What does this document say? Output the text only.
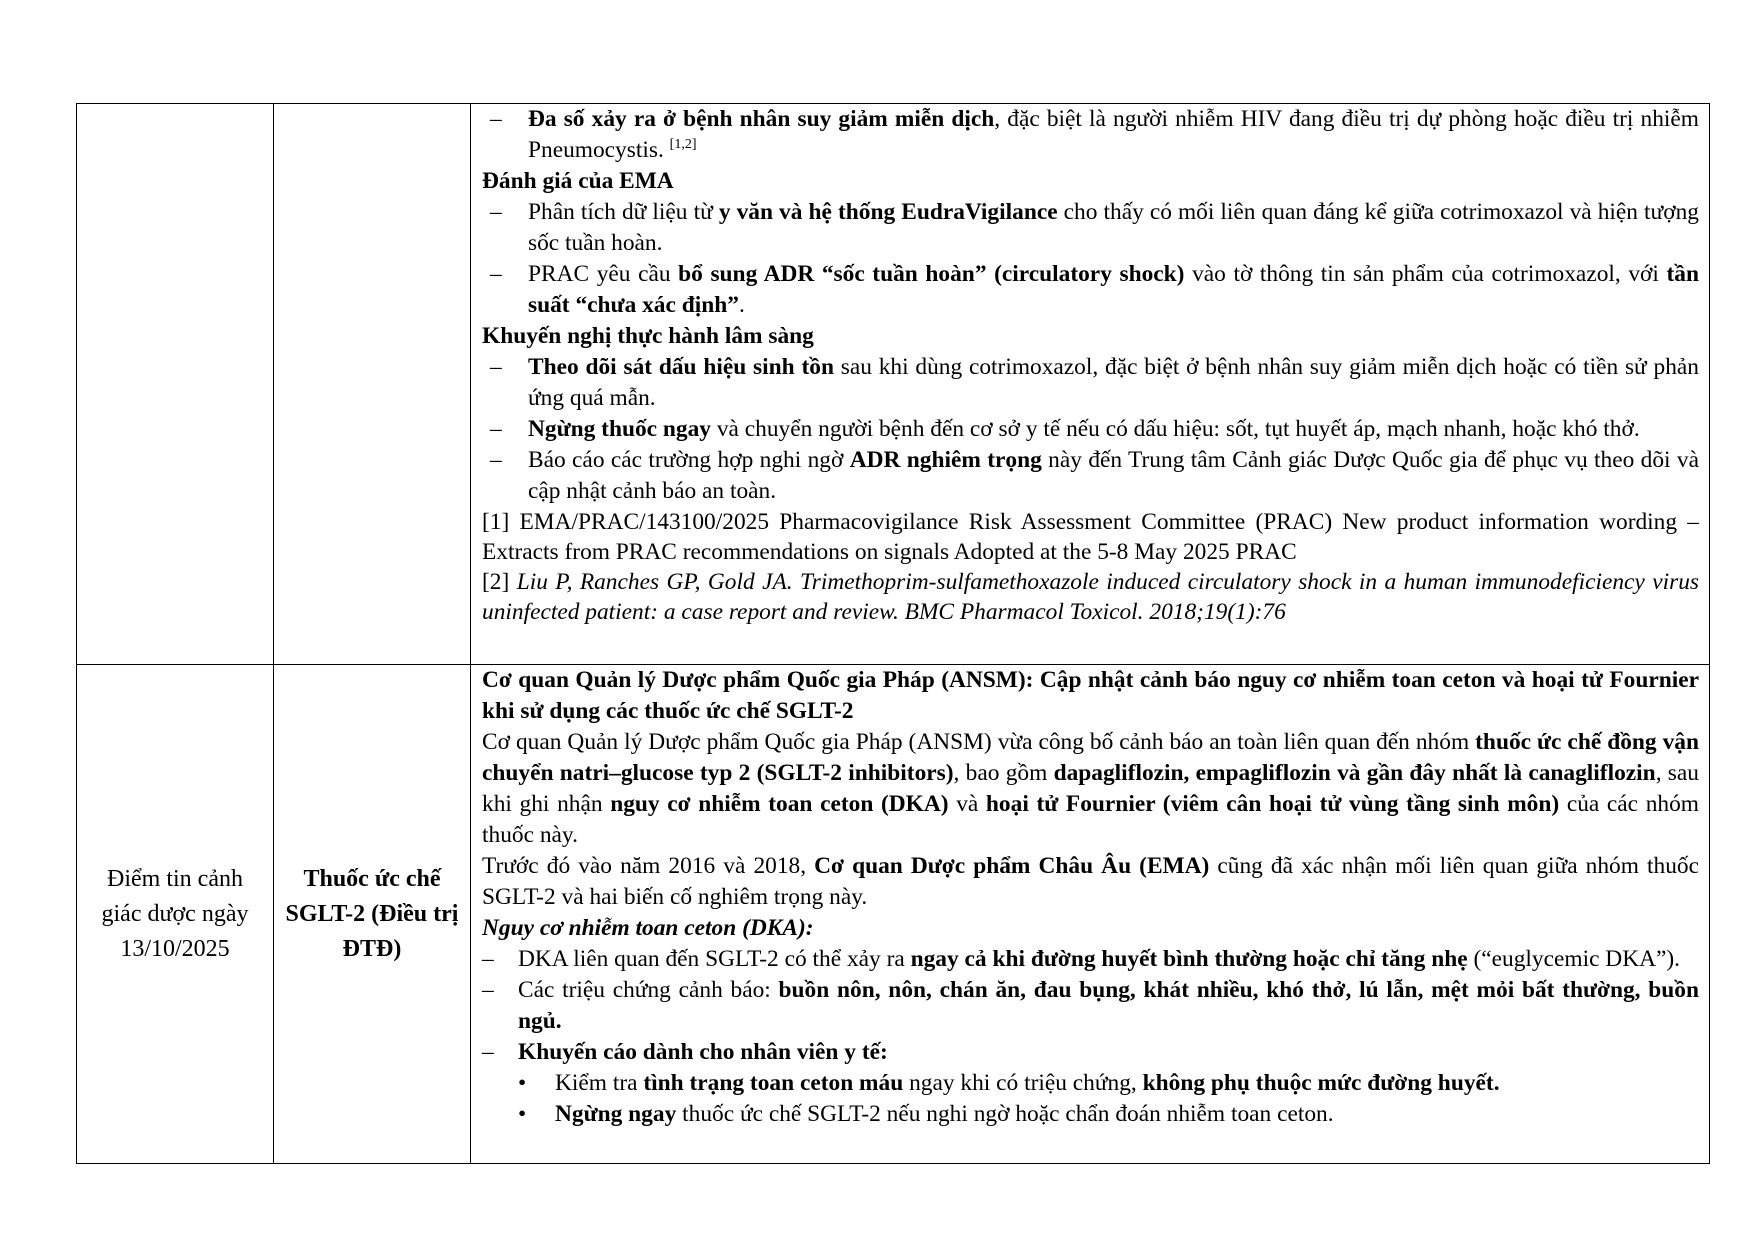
– Đa số xảy ra ở bệnh nhân suy giảm miễn dịch, đặc biệt là người nhiễm HIV đang điều trị dự phòng hoặc điều trị nhiễm Pneumocystis. [1,2]

Đánh giá của EMA

– Phân tích dữ liệu từ y văn và hệ thống EudraVigilance cho thấy có mối liên quan đáng kể giữa cotrimoxazol và hiện tượng sốc tuần hoàn.

– PRAC yêu cầu bổ sung ADR “sốc tuần hoàn” (circulatory shock) vào tờ thông tin sản phẩm của cotrimoxazol, với tần suất “chưa xác định”.

Khuyến nghị thực hành lâm sàng

– Theo dõi sát dấu hiệu sinh tồn sau khi dùng cotrimoxazol, đặc biệt ở bệnh nhân suy giảm miễn dịch hoặc có tiền sử phản ứng quá mẫn.

– Ngừng thuốc ngay và chuyển người bệnh đến cơ sở y tế nếu có dấu hiệu: sốt, tụt huyết áp, mạch nhanh, hoặc khó thở.

– Báo cáo các trường hợp nghi ngờ ADR nghiêm trọng này đến Trung tâm Cảnh giác Dược Quốc gia để phục vụ theo dõi và cập nhật cảnh báo an toàn.

[1] EMA/PRAC/143100/2025 Pharmacovigilance Risk Assessment Committee (PRAC) New product information wording – Extracts from PRAC recommendations on signals Adopted at the 5-8 May 2025 PRAC

[2] Liu P, Ranches GP, Gold JA. Trimethoprim-sulfamethoxazole induced circulatory shock in a human immunodeficiency virus uninfected patient: a case report and review. BMC Pharmacol Toxicol. 2018;19(1):76

Điểm tin cảnh giác dược ngày 13/10/2025
Thuốc ức chế SGLT-2 (Điều trị ĐTĐ)

Cơ quan Quản lý Dược phẩm Quốc gia Pháp (ANSM): Cập nhật cảnh báo nguy cơ nhiễm toan ceton và hoại tử Fournier khi sử dụng các thuốc ức chế SGLT-2

Cơ quan Quản lý Dược phẩm Quốc gia Pháp (ANSM) vừa công bố cảnh báo an toàn liên quan đến nhóm thuốc ức chế đồng vận chuyển natri–glucose typ 2 (SGLT-2 inhibitors), bao gồm dapagliflozin, empagliflozin và gần đây nhất là canagliflozin, sau khi ghi nhận nguy cơ nhiễm toan ceton (DKA) và hoại tử Fournier (viêm cân hoại tử vùng tầng sinh môn) của các nhóm thuốc này.

Trước đó vào năm 2016 và 2018, Cơ quan Dược phẩm Châu Âu (EMA) cũng đã xác nhận mối liên quan giữa nhóm thuốc SGLT-2 và hai biến cố nghiêm trọng này.

Nguy cơ nhiễm toan ceton (DKA):

– DKA liên quan đến SGLT-2 có thể xảy ra ngay cả khi đường huyết bình thường hoặc chỉ tăng nhẹ (“euglycemic DKA”).

– Các triệu chứng cảnh báo: buồn nôn, nôn, chán ăn, đau bụng, khát nhiều, khó thở, lú lẫn, mệt mỏi bất thường, buồn ngủ.

– Khuyến cáo dành cho nhân viên y tế:

• Kiểm tra tình trạng toan ceton máu ngay khi có triệu chứng, không phụ thuộc mức đường huyết.

• Ngừng ngay thuốc ức chế SGLT-2 nếu nghi ngờ hoặc chẩn đoán nhiễm toan ceton.
